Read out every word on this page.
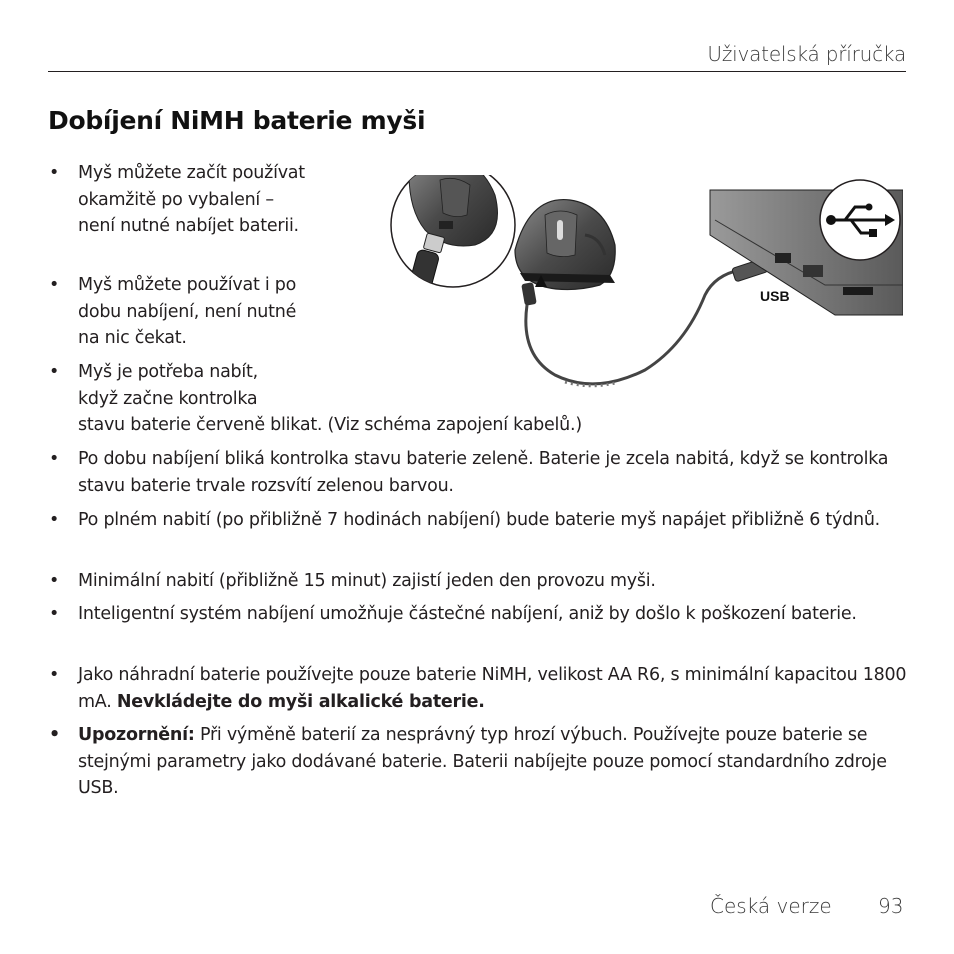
Uživatelská příručka
Dobíjení NiMH baterie myši
•	Myš můžete začít používat okamžitě po vybalení – není nutné nabíjet baterii.
•	Myš můžete používat i po dobu nabíjení, není nutné na nic čekat.
•	Myš je potřeba nabít,
když začne kontrolka
stavu baterie červeně blikat. (Viz schéma zapojení kabelů.)
•	Po dobu nabíjení bliká kontrolka stavu baterie zeleně. Baterie je zcela nabitá, když se kontrolka stavu baterie trvale rozsvítí zelenou barvou.
•	Po plném nabití (po přibližně 7 hodinách nabíjení) bude baterie myš napájet přibližně 6 týdnů.
•	Minimální nabití (přibližně 15 minut) zajistí jeden den provozu myši.
•	Inteligentní systém nabíjení umožňuje částečné nabíjení, aniž by došlo k poškození baterie.
•	Jako náhradní baterie používejte pouze baterie NiMH, velikost AA R6, s minimální kapacitou 1800 mA. Nevkládejte do myši alkalické baterie.
•	Upozornění: Při výměně baterií za nesprávný typ hrozí výbuch. Používejte pouze baterie se stejnými parametry jako dodávané baterie. Baterii nabíjejte pouze pomocí standardního zdroje USB.
USB
Česká verze 93
